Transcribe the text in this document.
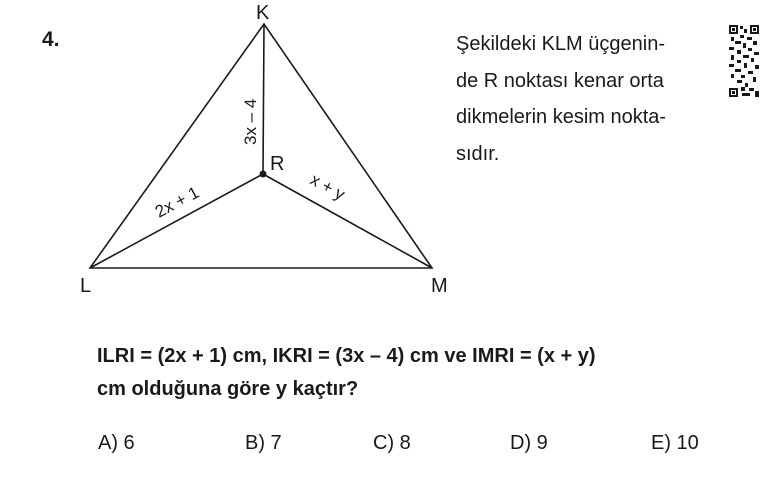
4.
K
L	M
R
3x – 4
2x + 1	x + y
Şekildeki KLM üçgenin-
de R noktası kenar orta
dikmelerin kesim nokta-
sıdır.
ILRI = (2x + 1) cm, IKRI = (3x – 4) cm ve IMRI = (x + y)
cm olduğuna göre y kaçtır?
A) 6	B) 7	C) 8	D) 9	E) 10
